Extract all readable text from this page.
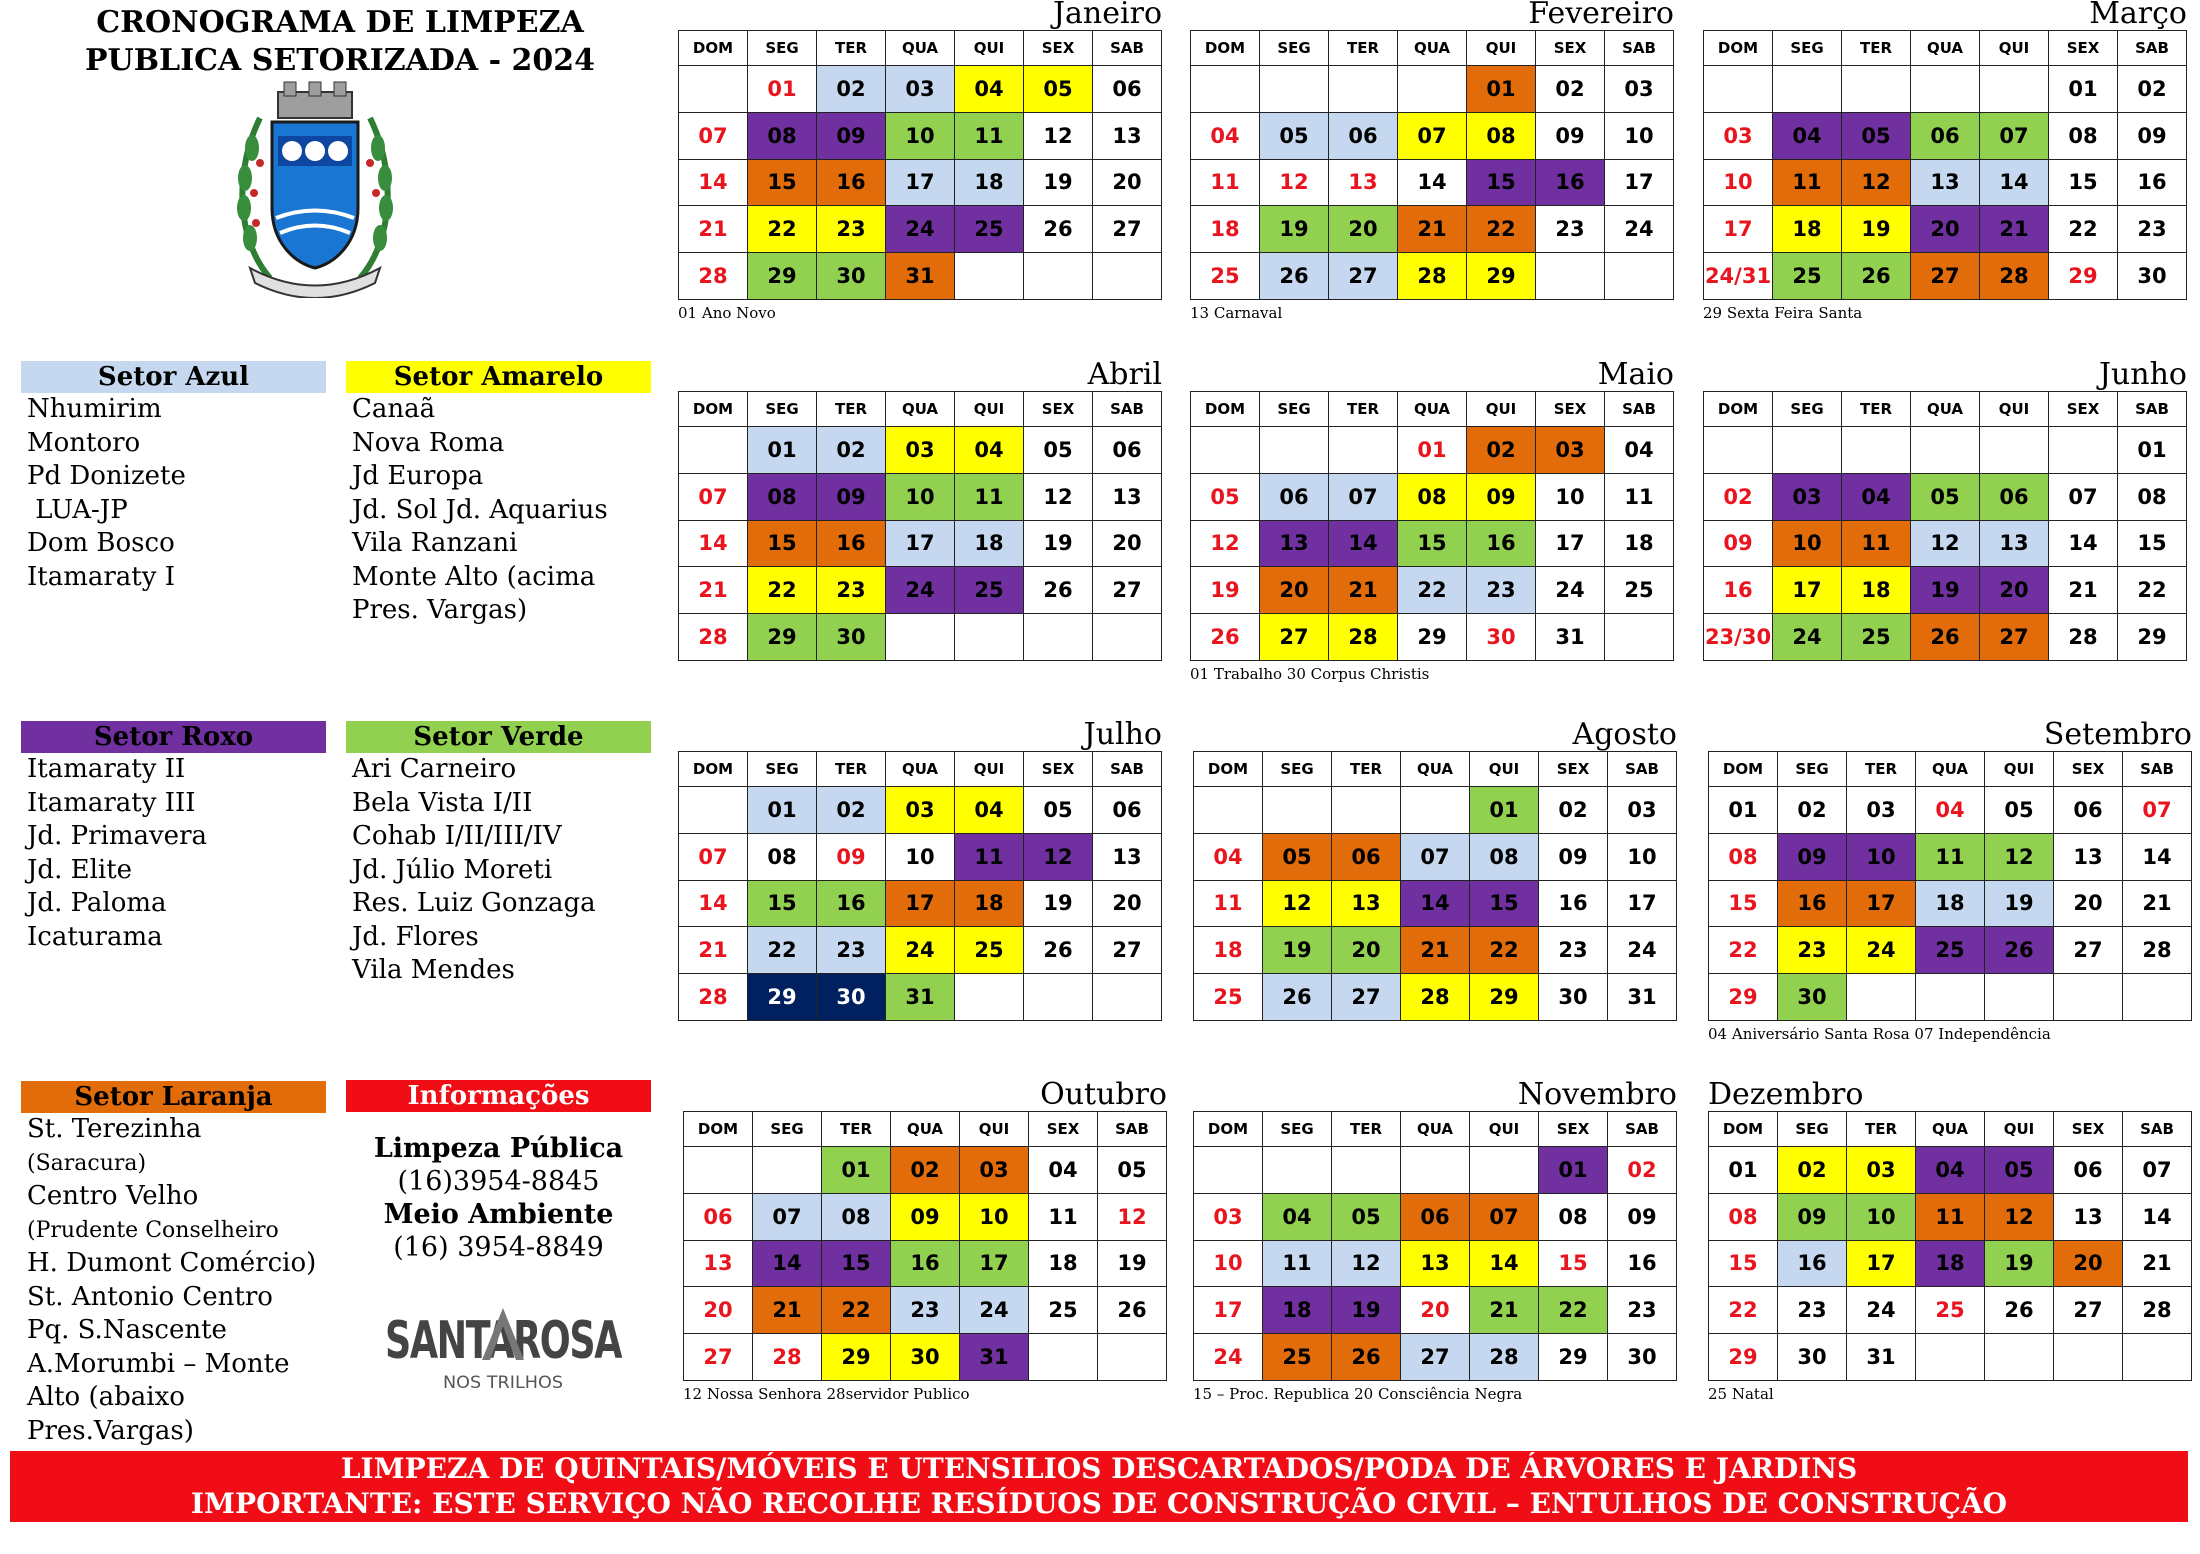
CRONOGRAMA DE LIMPEZA
PUBLICA SETORIZADA - 2024
Janeiro
DOM	SEG	TER	QUA	QUI	SEX	SAB
	01	02	03	04	05	06
07	08	09	10	11	12	13
14	15	16	17	18	19	20
21	22	23	24	25	26	27
28	29	30	31			
01 Ano Novo
Fevereiro
DOM	SEG	TER	QUA	QUI	SEX	SAB
				01	02	03
04	05	06	07	08	09	10
11	12	13	14	15	16	17
18	19	20	21	22	23	24
25	26	27	28	29		
13 Carnaval
Março
DOM	SEG	TER	QUA	QUI	SEX	SAB
					01	02
03	04	05	06	07	08	09
10	11	12	13	14	15	16
17	18	19	20	21	22	23
24/31	25	26	27	28	29	30
29 Sexta Feira Santa
Abril
DOM	SEG	TER	QUA	QUI	SEX	SAB
	01	02	03	04	05	06
07	08	09	10	11	12	13
14	15	16	17	18	19	20
21	22	23	24	25	26	27
28	29	30				
Maio
DOM	SEG	TER	QUA	QUI	SEX	SAB
			01	02	03	04
05	06	07	08	09	10	11
12	13	14	15	16	17	18
19	20	21	22	23	24	25
26	27	28	29	30	31	
01 Trabalho 30 Corpus Christis
Junho
DOM	SEG	TER	QUA	QUI	SEX	SAB
						01
02	03	04	05	06	07	08
09	10	11	12	13	14	15
16	17	18	19	20	21	22
23/30	24	25	26	27	28	29
Julho
DOM	SEG	TER	QUA	QUI	SEX	SAB
	01	02	03	04	05	06
07	08	09	10	11	12	13
14	15	16	17	18	19	20
21	22	23	24	25	26	27
28	29	30	31			
Agosto
DOM	SEG	TER	QUA	QUI	SEX	SAB
				01	02	03
04	05	06	07	08	09	10
11	12	13	14	15	16	17
18	19	20	21	22	23	24
25	26	27	28	29	30	31
Setembro
DOM	SEG	TER	QUA	QUI	SEX	SAB
01	02	03	04	05	06	07
08	09	10	11	12	13	14
15	16	17	18	19	20	21
22	23	24	25	26	27	28
29	30					
04 Aniversário Santa Rosa 07 Independência
Outubro
DOM	SEG	TER	QUA	QUI	SEX	SAB
		01	02	03	04	05
06	07	08	09	10	11	12
13	14	15	16	17	18	19
20	21	22	23	24	25	26
27	28	29	30	31		
12 Nossa Senhora 28servidor Publico
Novembro
DOM	SEG	TER	QUA	QUI	SEX	SAB
					01	02
03	04	05	06	07	08	09
10	11	12	13	14	15	16
17	18	19	20	21	22	23
24	25	26	27	28	29	30
15 – Proc. Republica 20 Consciência Negra
Dezembro
DOM	SEG	TER	QUA	QUI	SEX	SAB
01	02	03	04	05	06	07
08	09	10	11	12	13	14
15	16	17	18	19	20	21
22	23	24	25	26	27	28
29	30	31				
25 Natal
Setor Azul
Nhumirim
Montoro
Pd Donizete
LUA-JP
Dom Bosco
Itamaraty I
Setor Amarelo
Canaã
Nova Roma
Jd Europa
Jd. Sol Jd. Aquarius
Vila Ranzani
Monte Alto (acima
Pres. Vargas)
Setor Roxo
Itamaraty II
Itamaraty III
Jd. Primavera
Jd. Elite
Jd. Paloma
Icaturama
Setor Verde
Ari Carneiro
Bela Vista I/II
Cohab I/II/III/IV
Jd. Júlio Moreti
Res. Luiz Gonzaga
Jd. Flores
Vila Mendes
Setor Laranja
St. Terezinha
(Saracura)
Centro Velho
(Prudente Conselheiro
H. Dumont Comércio)
St. Antonio Centro
Pq. S.Nascente
A.Morumbi – Monte
Alto (abaixo
Pres.Vargas)
Informações
Limpeza Pública
(16)3954-8845
Meio Ambiente
(16) 3954-8849
SANTAROSA
NOS TRILHOS
LIMPEZA DE QUINTAIS/MÓVEIS E UTENSILIOS DESCARTADOS/PODA DE ÁRVORES E JARDINS
IMPORTANTE: ESTE SERVIÇO NÃO RECOLHE RESÍDUOS DE CONSTRUÇÃO CIVIL – ENTULHOS DE CONSTRUÇÃO
